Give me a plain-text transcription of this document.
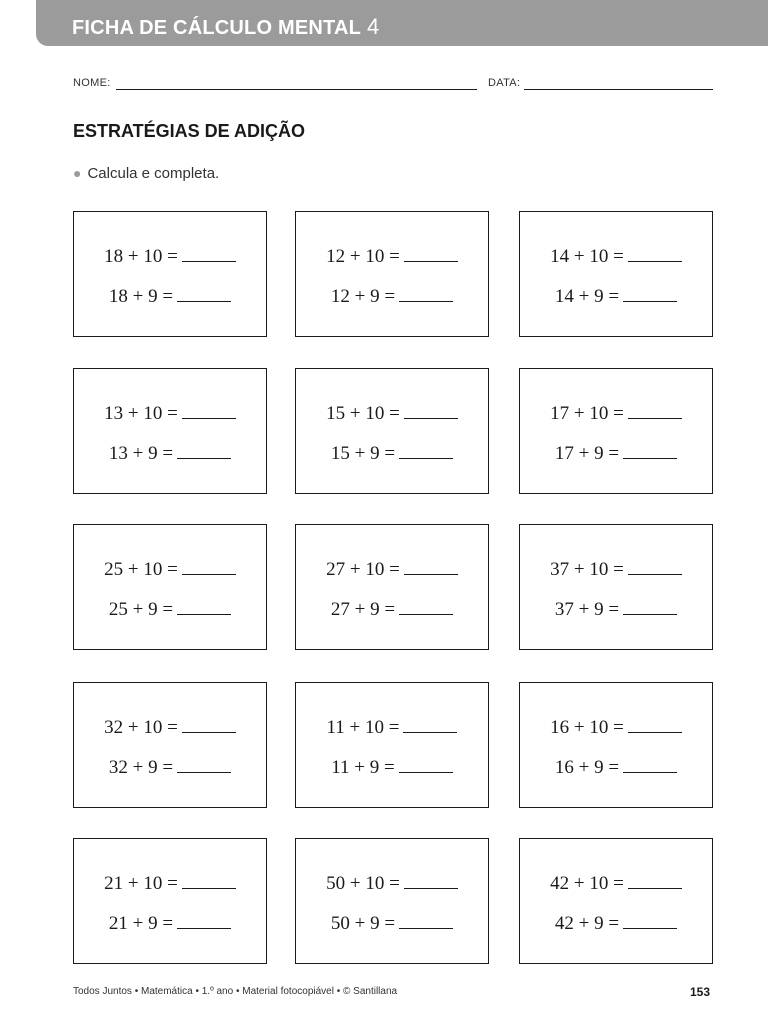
FICHA DE CÁLCULO MENTAL 4
NOME:	DATA:
ESTRATÉGIAS DE ADIÇÃO
● Calcula e completa.
18 + 10 =
18 + 9 =
12 + 10 =
12 + 9 =
14 + 10 =
14 + 9 =
13 + 10 =
13 + 9 =
15 + 10 =
15 + 9 =
17 + 10 =
17 + 9 =
25 + 10 =
25 + 9 =
27 + 10 =
27 + 9 =
37 + 10 =
37 + 9 =
32 + 10 =
32 + 9 =
11 + 10 =
11 + 9 =
16 + 10 =
16 + 9 =
21 + 10 =
21 + 9 =
50 + 10 =
50 + 9 =
42 + 10 =
42 + 9 =
Todos Juntos • Matemática • 1.º ano • Material fotocopiável • © Santillana	153
